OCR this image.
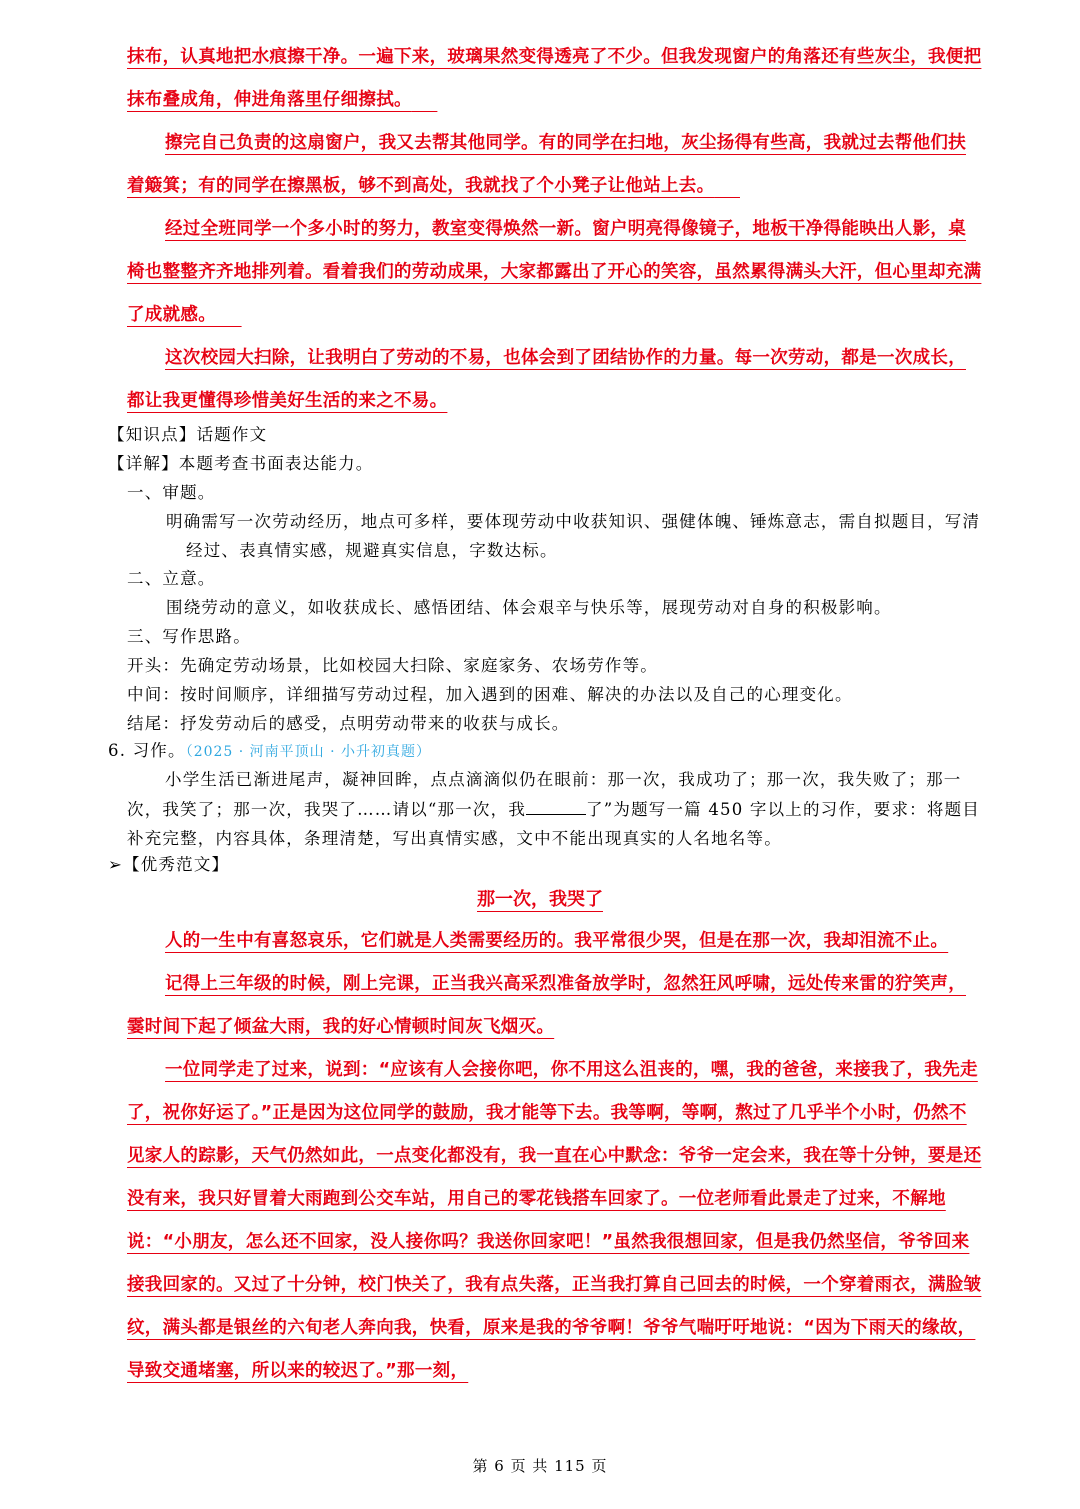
抹布，认真地把水痕擦干净。一遍下来，玻璃果然变得透亮了不少。但我发现窗户的角落还有些灰尘，我便把抹布叠成角，伸进角落里仔细擦拭。

擦完自己负责的这扇窗户，我又去帮其他同学。有的同学在扫地，灰尘扬得有些高，我就过去帮他们扶着簸箕；有的同学在擦黑板，够不到高处，我就找了个小凳子让他站上去。

经过全班同学一个多小时的努力，教室变得焕然一新。窗户明亮得像镜子，地板干净得能映出人影，桌椅也整整齐齐地排列着。看着我们的劳动成果，大家都露出了开心的笑容，虽然累得满头大汗，但心里却充满了成就感。

这次校园大扫除，让我明白了劳动的不易，也体会到了团结协作的力量。每一次劳动，都是一次成长，都让我更懂得珍惜美好生活的来之不易。

【知识点】话题作文
【详解】本题考查书面表达能力。
一、审题。
明确需写一次劳动经历，地点可多样，要体现劳动中收获知识、强健体魄、锤炼意志，需自拟题目，写清经过、表真情实感，规避真实信息，字数达标。
二、立意。
围绕劳动的意义，如收获成长、感悟团结、体会艰辛与快乐等，展现劳动对自身的积极影响。
三、写作思路。
开头：先确定劳动场景，比如校园大扫除、家庭家务、农场劳作等。
中间：按时间顺序，详细描写劳动过程，加入遇到的困难、解决的办法以及自己的心理变化。
结尾：抒发劳动后的感受，点明劳动带来的收获与成长。
6. 习作。（2025 · 河南平顶山 · 小升初真题）
小学生活已渐进尾声，凝神回眸，点点滴滴似仍在眼前：那一次，我成功了；那一次，我失败了；那一次，我笑了；那一次，我哭了……请以“那一次，我	了”为题写一篇 450 字以上的习作，要求：将题目补充完整，内容具体，条理清楚，写出真情实感，文中不能出现真实的人名地名等。
➢【优秀范文】
那一次，我哭了

人的一生中有喜怒哀乐，它们就是人类需要经历的。我平常很少哭，但是在那一次，我却泪流不止。

记得上三年级的时候，刚上完课，正当我兴高采烈准备放学时，忽然狂风呼啸，远处传来雷的狞笑声，霎时间下起了倾盆大雨，我的好心情顿时间灰飞烟灭。

一位同学走了过来，说到：“应该有人会接你吧，你不用这么沮丧的，嘿，我的爸爸，来接我了，我先走了，祝你好运了。”正是因为这位同学的鼓励，我才能等下去。我等啊，等啊，熬过了几乎半个小时，仍然不见家人的踪影，天气仍然如此，一点变化都没有，我一直在心中默念：爷爷一定会来，我在等十分钟，要是还没有来，我只好冒着大雨跑到公交车站，用自己的零花钱搭车回家了。一位老师看此景走了过来，不解地说：“小朋友，怎么还不回家，没人接你吗？我送你回家吧！”虽然我很想回家，但是我仍然坚信，爷爷回来接我回家的。又过了十分钟，校门快关了，我有点失落，正当我打算自己回去的时候，一个穿着雨衣，满脸皱纹，满头都是银丝的六旬老人奔向我，快看，原来是我的爷爷啊！爷爷气喘吁吁地说：“因为下雨天的缘故，导致交通堵塞，所以来的较迟了。”那一刻，

第 6 页 共 115 页
